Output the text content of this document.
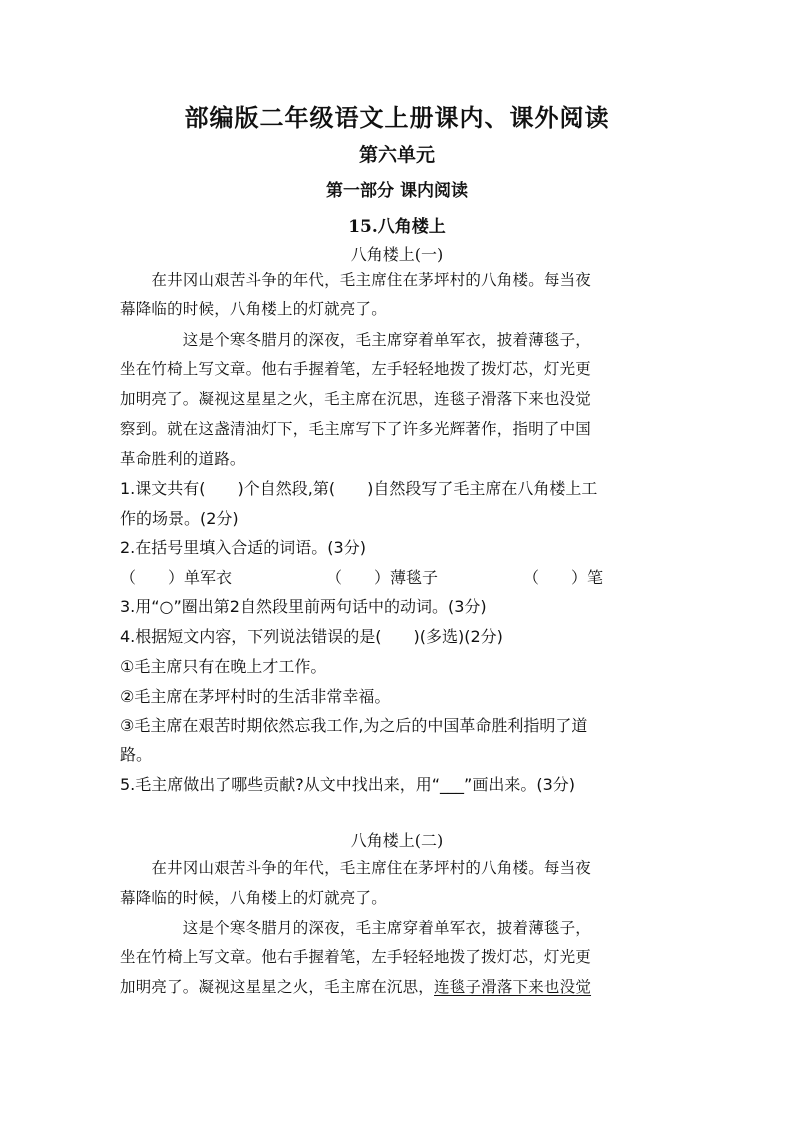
部编版二年级语文上册课内、课外阅读
第六单元
第一部分 课内阅读
15.八角楼上
八角楼上(一)
　　在井冈山艰苦斗争的年代，毛主席住在茅坪村的八角楼。每当夜
幕降临的时候，八角楼上的灯就亮了。
　　　　这是个寒冬腊月的深夜，毛主席穿着单军衣，披着薄毯子，
坐在竹椅上写文章。他右手握着笔，左手轻轻地拨了拨灯芯，灯光更
加明亮了。凝视这星星之火，毛主席在沉思，连毯子滑落下来也没觉
察到。就在这盏清油灯下，毛主席写下了许多光辉著作，指明了中国
革命胜利的道路。
1.课文共有(　　)个自然段,第(　　)自然段写了毛主席在八角楼上工
作的场景。(2分)
2.在括号里填入合适的词语。(3分)
（　　）单军衣	（　　）薄毯子	（　　）笔
3.用“○”圈出第2自然段里前两句话中的动词。(3分)
4.根据短文内容，下列说法错误的是(　　)(多选)(2分)
①毛主席只有在晚上才工作。
②毛主席在茅坪村时的生活非常幸福。
③毛主席在艰苦时期依然忘我工作,为之后的中国革命胜利指明了道
路。
5.毛主席做出了哪些贡献?从文中找出来，用“___”画出来。(3分)
八角楼上(二)
　　在井冈山艰苦斗争的年代，毛主席住在茅坪村的八角楼。每当夜
幕降临的时候，八角楼上的灯就亮了。
　　　　这是个寒冬腊月的深夜，毛主席穿着单军衣，披着薄毯子，
坐在竹椅上写文章。他右手握着笔，左手轻轻地拨了拨灯芯，灯光更
加明亮了。凝视这星星之火，毛主席在沉思，连毯子滑落下来也没觉
